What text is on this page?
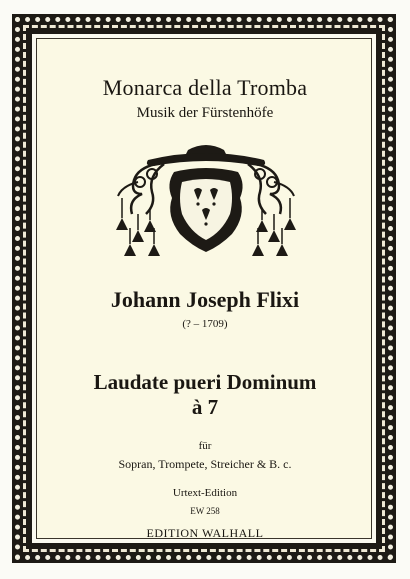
Monarca della Tromba
Musik der Fürstenhöfe
Johann Joseph Flixi
(? – 1709)
Laudate pueri Dominum
à 7
für
Sopran, Trompete, Streicher & B. c.
Urtext-Edition
EW 258
EDITION WALHALL
